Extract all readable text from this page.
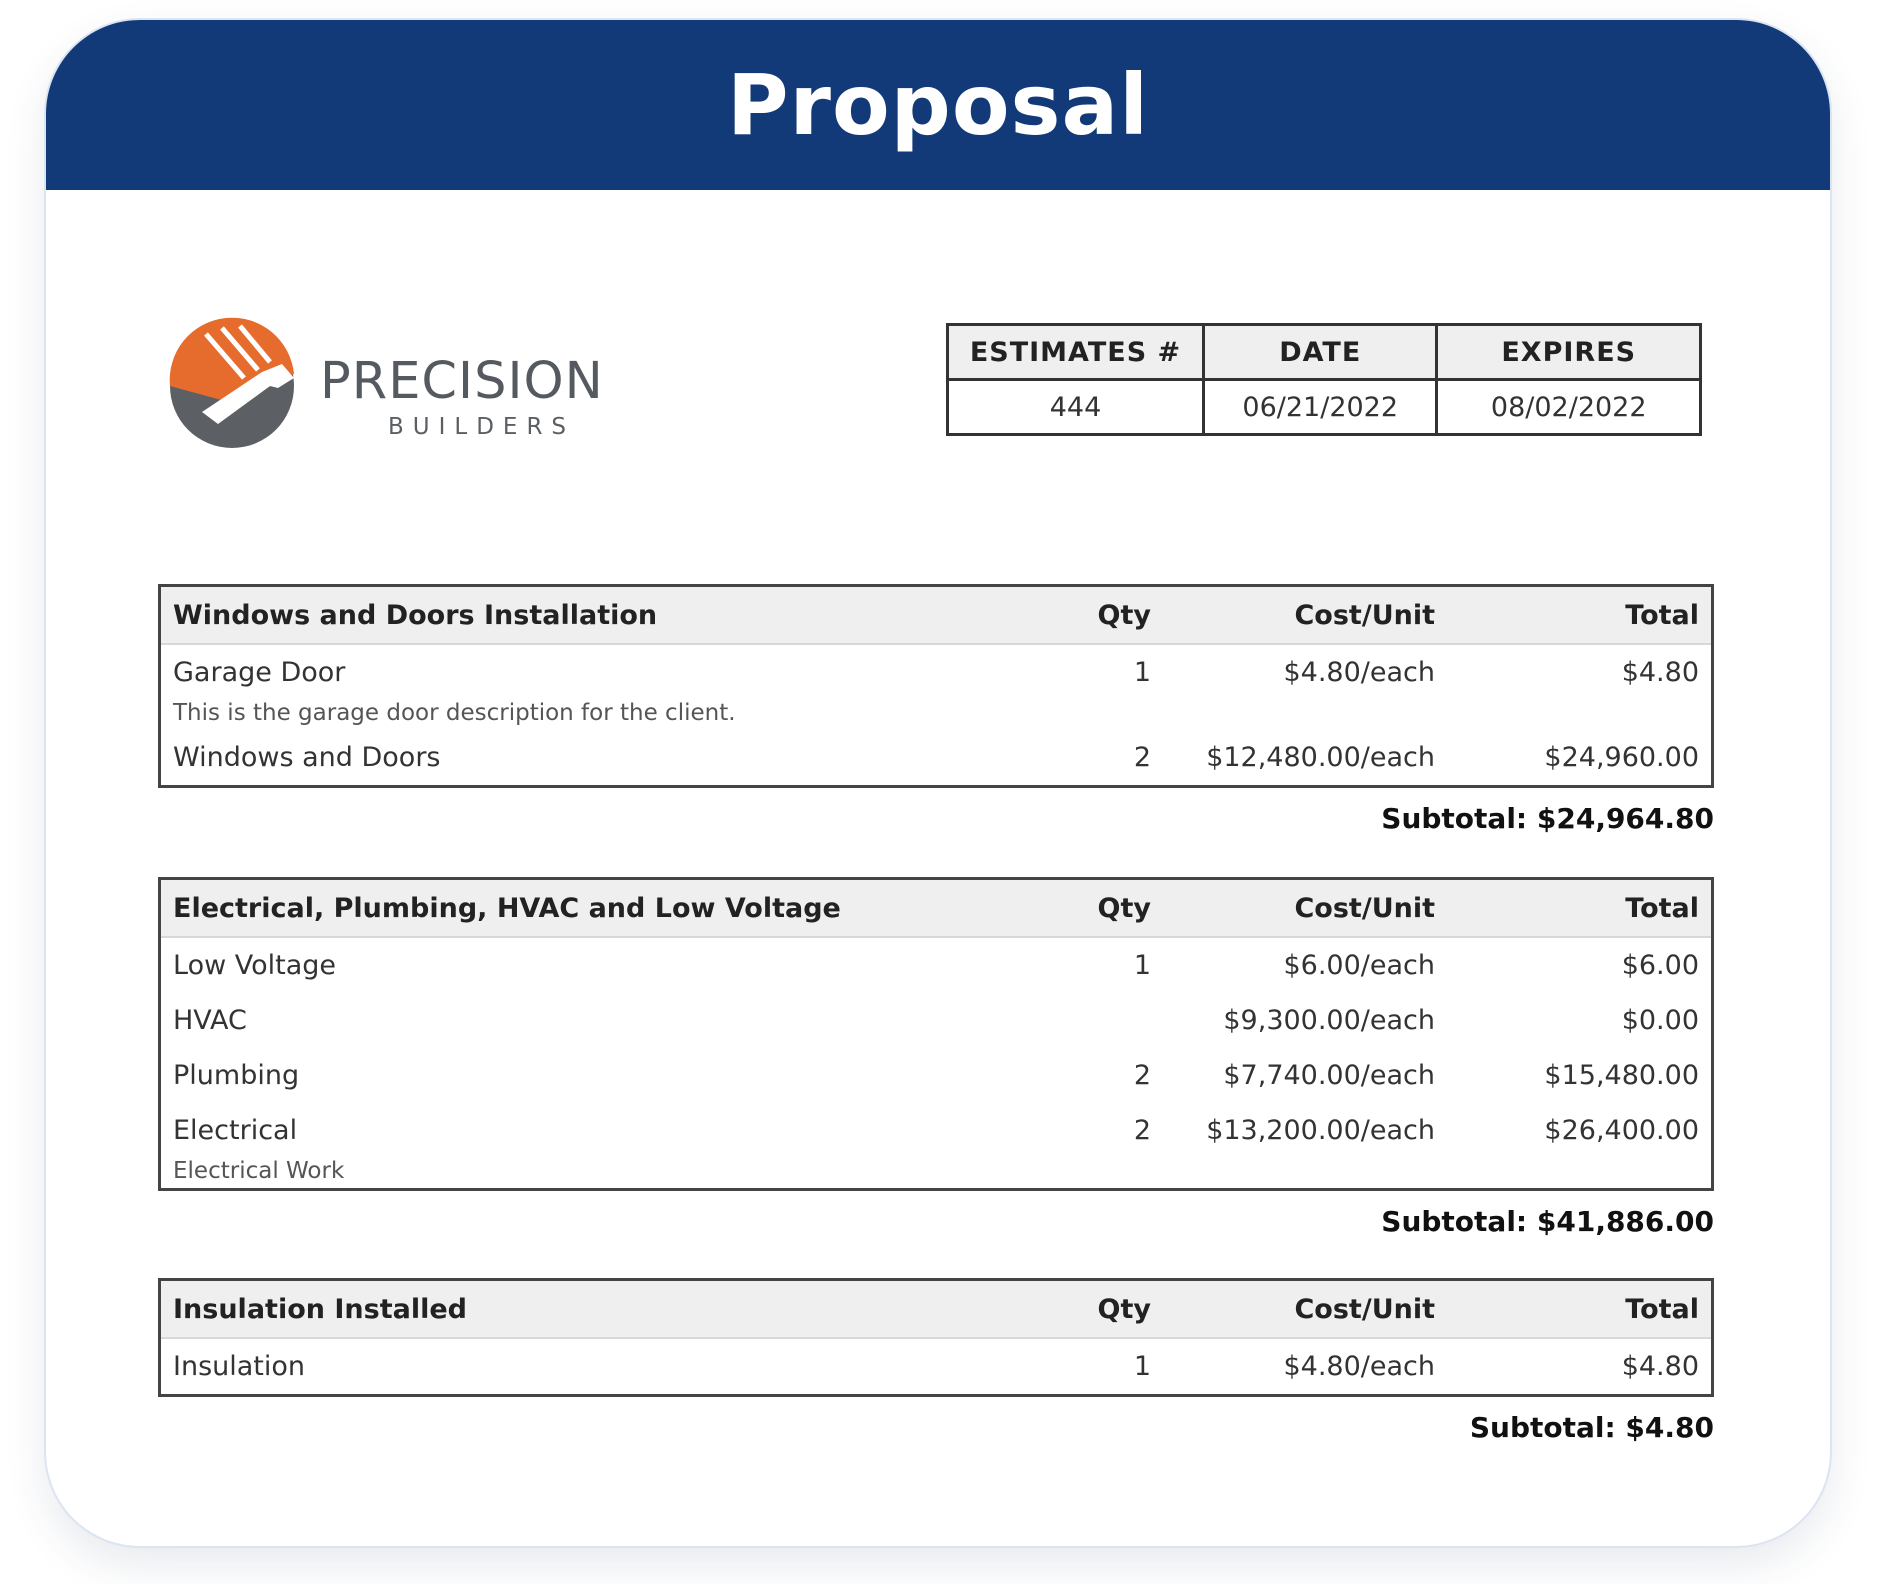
Proposal
PRECISION
BUILDERS
ESTIMATES #	DATE	EXPIRES
444	06/21/2022	08/02/2022
Windows and Doors Installation	Qty	Cost/Unit	Total
Garage Door	1	$4.80/each	$4.80
This is the garage door description for the client.			
Windows and Doors	2	$12,480.00/each	$24,960.00
Subtotal: $24,964.80
Electrical, Plumbing, HVAC and Low Voltage	Qty	Cost/Unit	Total
Low Voltage	1	$6.00/each	$6.00
HVAC		$9,300.00/each	$0.00
Plumbing	2	$7,740.00/each	$15,480.00
Electrical	2	$13,200.00/each	$26,400.00
Electrical Work			
Subtotal: $41,886.00
Insulation Installed	Qty	Cost/Unit	Total
Insulation	1	$4.80/each	$4.80
Subtotal: $4.80
